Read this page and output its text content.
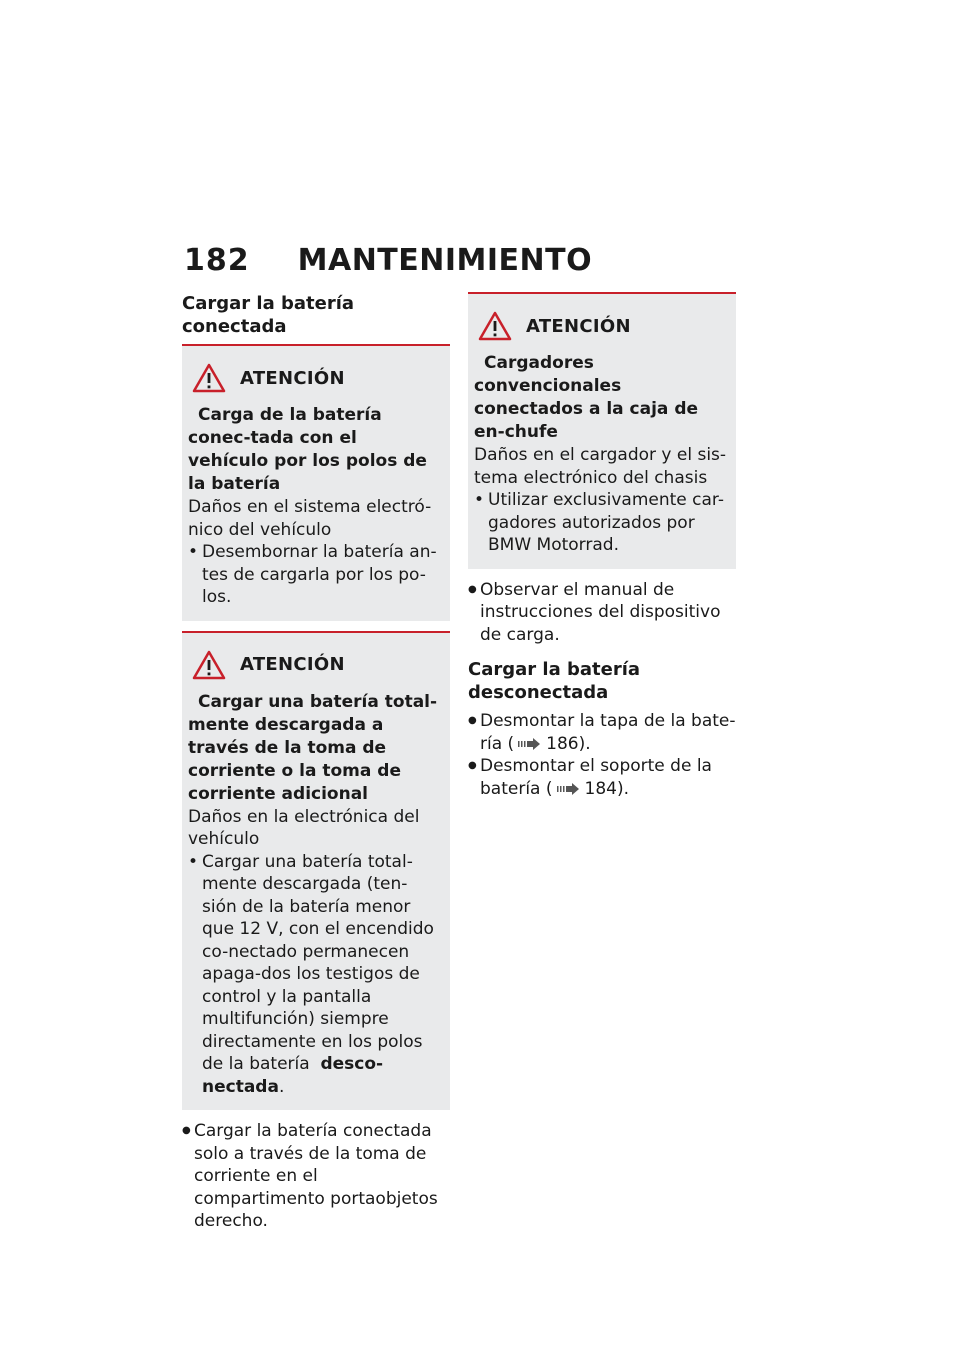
182 MANTENIMIENTO
Cargar la batería conectada
ATENCIÓN
Carga de la batería conec-tada con el vehículo por los polos de la batería
Daños en el sistema electró-nico del vehículo
• Desembornar la batería an-tes de cargarla por los po-los.
ATENCIÓN
Cargar una batería total-mente descargada a través de la toma de corriente o la toma de corriente adicional
Daños en la electrónica del vehículo
• Cargar una batería total-mente descargada (ten-sión de la batería menor que 12 V, con el encendido co-nectado permanecen apaga-dos los testigos de control y la pantalla multifunción) siempre directamente en los polos de la batería desco-nectada.
● Cargar la batería conectada solo a través de la toma de corriente en el compartimento portaobjetos derecho.
ATENCIÓN
Cargadores convencionales conectados a la caja de en-chufe
Daños en el cargador y el sis-tema electrónico del chasis
• Utilizar exclusivamente car-gadores autorizados por BMW Motorrad.
● Observar el manual de instrucciones del dispositivo de carga.
Cargar la batería desconectada
● Desmontar la tapa de la bate-ría ( 186).
● Desmontar el soporte de la batería ( 184).
